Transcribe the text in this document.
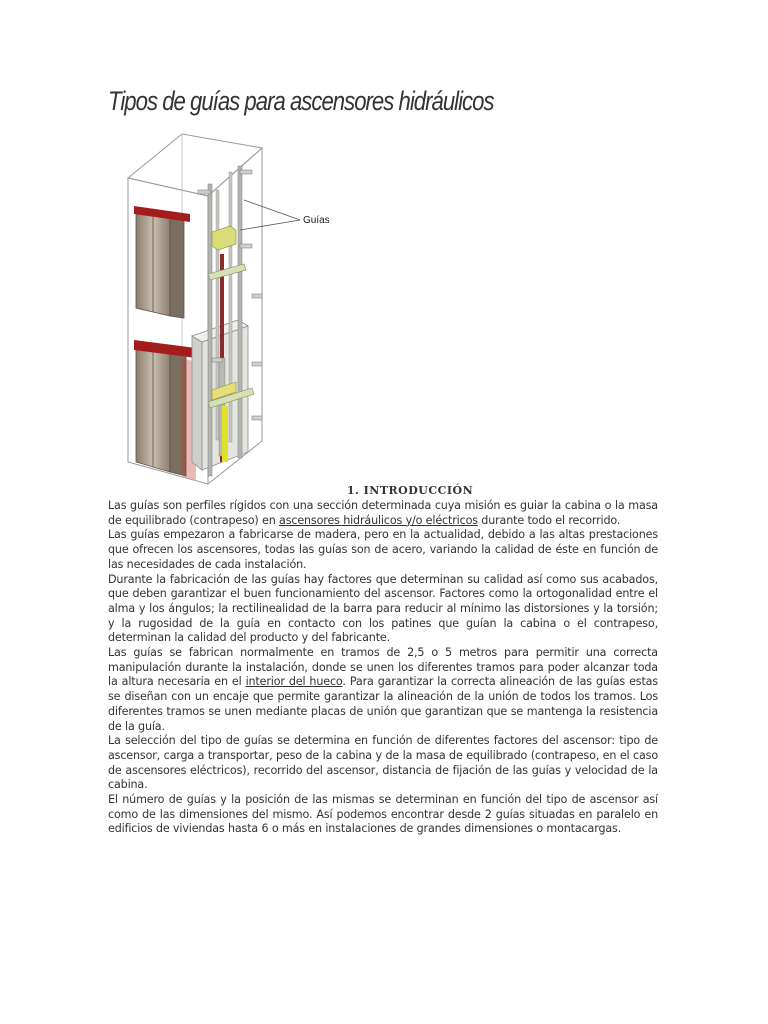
Tipos de guías para ascensores hidráulicos
Guías
1. INTRODUCCIÓN

Las guías son perfiles rígidos con una sección determinada cuya misión es guiar la cabina o la masa de equilibrado (contrapeso) en ascensores hidráulicos y/o eléctricos durante todo el recorrido.

Las guías empezaron a fabricarse de madera, pero en la actualidad, debido a las altas prestaciones que ofrecen los ascensores, todas las guías son de acero, variando la calidad de éste en función de las necesidades de cada instalación.

Durante la fabricación de las guías hay factores que determinan su calidad así como sus acabados, que deben garantizar el buen funcionamiento del ascensor. Factores como la ortogonalidad entre el alma y los ángulos; la rectilinealidad de la barra para reducir al mínimo las distorsiones y la torsión; y la rugosidad de la guía en contacto con los patines que guían la cabina o el contrapeso, determinan la calidad del producto y del fabricante.

Las guías se fabrican normalmente en tramos de 2,5 o 5 metros para permitir una correcta manipulación durante la instalación, donde se unen los diferentes tramos para poder alcanzar toda la altura necesaria en el interior del hueco. Para garantizar la correcta alineación de las guías estas se diseñan con un encaje que permite garantizar la alineación de la unión de todos los tramos. Los diferentes tramos se unen mediante placas de unión que garantizan que se mantenga la resistencia de la guía.

La selección del tipo de guías se determina en función de diferentes factores del ascensor: tipo de ascensor, carga a transportar, peso de la cabina y de la masa de equilibrado (contrapeso, en el caso de ascensores eléctricos), recorrido del ascensor, distancia de fijación de las guías y velocidad de la cabina.

El número de guías y la posición de las mismas se determinan en función del tipo de ascensor así como de las dimensiones del mismo. Así podemos encontrar desde 2 guías situadas en paralelo en edificios de viviendas hasta 6 o más en instalaciones de grandes dimensiones o montacargas.
